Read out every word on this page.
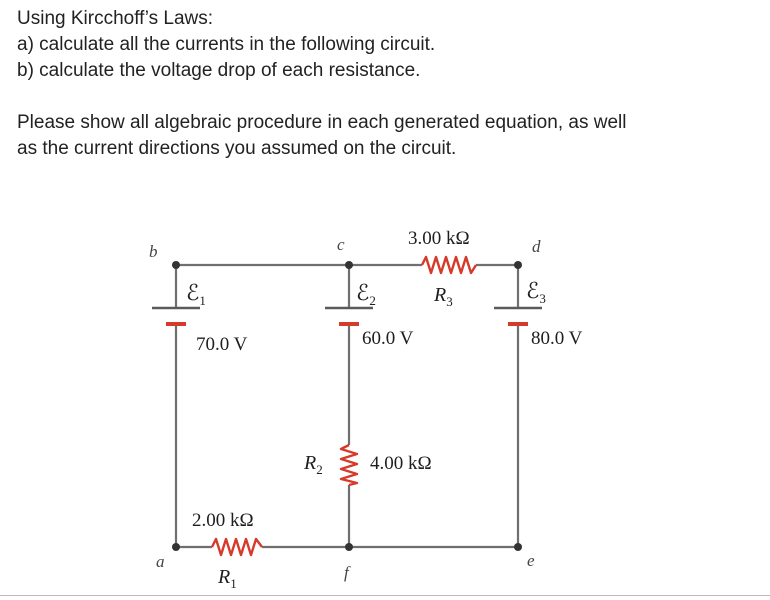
Using Kircchoff’s Laws:

a) calculate all the currents in the following circuit.

b) calculate the voltage drop of each resistance.

Please show all algebraic procedure in each generated equation, as well

as the current directions you assumed on the circuit.

b	c	d
a
f
e
ℰ$_1$	ℰ$_2$	ℰ$_3$
$R_3$
$R_2$
$R_1$
70.0 V	60.0 V	80.0 V
3.00 kΩ
4.00 kΩ
2.00 kΩ
